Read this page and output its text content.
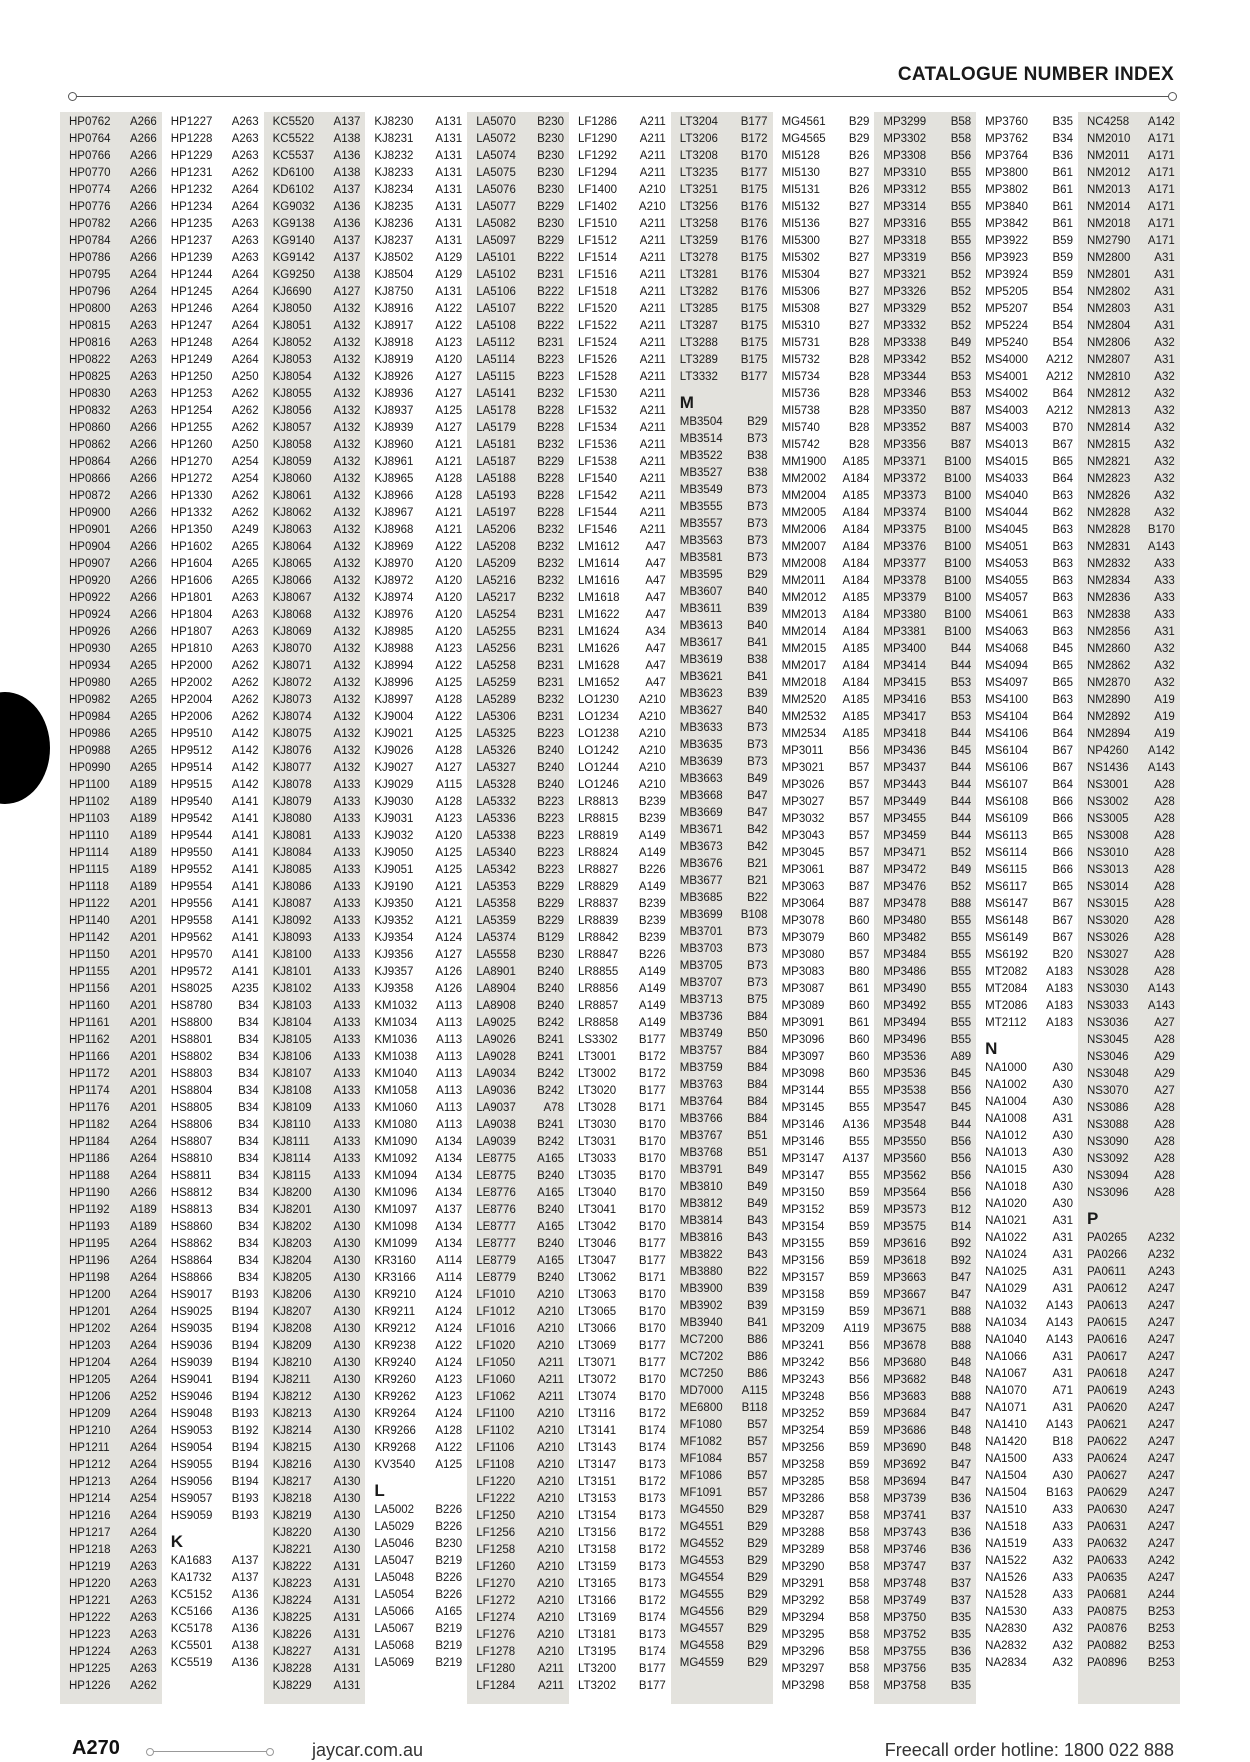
CATALOGUE NUMBER INDEX
HP0762 A266
HP0764 A266
HP0766 A266
HP0770 A266
HP0774 A266
HP0776 A266
HP0782 A266
HP0784 A266
HP0786 A266
HP0795 A264
HP0796 A264
HP0800 A263
HP0815 A263
HP0816 A263
HP0822 A263
HP0825 A263
HP0830 A263
HP0832 A263
HP0860 A266
HP0862 A266
HP0864 A266
HP0866 A266
HP0872 A266
HP0900 A266
HP0901 A266
HP0904 A266
HP0907 A266
HP0920 A266
HP0922 A266
HP0924 A266
HP0926 A266
HP0930 A265
HP0934 A265
HP0980 A265
HP0982 A265
HP0984 A265
HP0986 A265
HP0988 A265
HP0990 A265
HP1100 A189
HP1102 A189
HP1103 A189
HP1110 A189
HP1114 A189
HP1115 A189
HP1118 A189
HP1122 A201
HP1140 A201
HP1142 A201
HP1150 A201
HP1155 A201
HP1156 A201
HP1160 A201
HP1161 A201
HP1162 A201
HP1166 A201
HP1172 A201
HP1174 A201
HP1176 A201
HP1182 A264
HP1184 A264
HP1186 A264
HP1188 A264
HP1190 A266
HP1192 A189
HP1193 A189
HP1195 A264
HP1196 A264
HP1198 A264
HP1200 A264
HP1201 A264
HP1202 A264
HP1203 A264
HP1204 A264
HP1205 A264
HP1206 A252
HP1209 A264
HP1210 A264
HP1211 A264
HP1212 A264
HP1213 A264
HP1214 A254
HP1216 A264
HP1217 A264
HP1218 A263
HP1219 A263
HP1220 A263
HP1221 A263
HP1222 A263
HP1223 A263
HP1224 A263
HP1225 A263
HP1226 A262
HP1227 A263
HP1228 A263
HP1229 A263
HP1231 A262
HP1232 A264
HP1234 A264
HP1235 A263
HP1237 A263
HP1239 A263
HP1244 A264
HP1245 A264
HP1246 A264
HP1247 A264
HP1248 A264
HP1249 A264
HP1250 A250
HP1253 A262
HP1254 A262
HP1255 A262
HP1260 A250
HP1270 A254
HP1272 A254
HP1330 A262
HP1332 A262
HP1350 A249
HP1602 A265
HP1604 A265
HP1606 A265
HP1801 A263
HP1804 A263
HP1807 A263
HP1810 A263
HP2000 A262
HP2002 A262
HP2004 A262
HP2006 A262
HP9510 A142
HP9512 A142
HP9514 A142
HP9515 A142
HP9540 A141
HP9542 A141
HP9544 A141
HP9550 A141
HP9552 A141
HP9554 A141
HP9556 A141
HP9558 A141
HP9562 A141
HP9570 A141
HP9572 A141
HS8025 A235
HS8780 B34
HS8800 B34
HS8801 B34
HS8802 B34
HS8803 B34
HS8804 B34
HS8805 B34
HS8806 B34
HS8807 B34
HS8810 B34
HS8811 B34
HS8812 B34
HS8813 B34
HS8860 B34
HS8862 B34
HS8864 B34
HS8866 B34
HS9017 B193
HS9025 B194
HS9035 B194
HS9036 B194
HS9039 B194
HS9041 B194
HS9046 B194
HS9048 B193
HS9053 B192
HS9054 B194
HS9055 B194
HS9056 B194
HS9057 B193
HS9059 B193
K
KA1683 A137
KA1732 A137
KC5152 A136
KC5166 A136
KC5178 A136
KC5501 A138
KC5519 A136
KC5520 A137
KC5522 A138
KC5537 A136
KD6100 A138
KD6102 A137
KG9032 A136
KG9138 A136
KG9140 A137
KG9142 A137
KG9250 A138
KJ6690 A127
KJ8050 A132
KJ8051 A132
KJ8052 A132
KJ8053 A132
KJ8054 A132
KJ8055 A132
KJ8056 A132
KJ8057 A132
KJ8058 A132
KJ8059 A132
KJ8060 A132
KJ8061 A132
KJ8062 A132
KJ8063 A132
KJ8064 A132
KJ8065 A132
KJ8066 A132
KJ8067 A132
KJ8068 A132
KJ8069 A132
KJ8070 A132
KJ8071 A132
KJ8072 A132
KJ8073 A132
KJ8074 A132
KJ8075 A132
KJ8076 A132
KJ8077 A132
KJ8078 A133
KJ8079 A133
KJ8080 A133
KJ8081 A133
KJ8084 A133
KJ8085 A133
KJ8086 A133
KJ8087 A133
KJ8092 A133
KJ8093 A133
KJ8100 A133
KJ8101 A133
KJ8102 A133
KJ8103 A133
KJ8104 A133
KJ8105 A133
KJ8106 A133
KJ8107 A133
KJ8108 A133
KJ8109 A133
KJ8110 A133
KJ8111 A133
KJ8114 A133
KJ8115 A133
KJ8200 A130
KJ8201 A130
KJ8202 A130
KJ8203 A130
KJ8204 A130
KJ8205 A130
KJ8206 A130
KJ8207 A130
KJ8208 A130
KJ8209 A130
KJ8210 A130
KJ8211 A130
KJ8212 A130
KJ8213 A130
KJ8214 A130
KJ8215 A130
KJ8216 A130
KJ8217 A130
KJ8218 A130
KJ8219 A130
KJ8220 A130
KJ8221 A130
KJ8222 A131
KJ8223 A131
KJ8224 A131
KJ8225 A131
KJ8226 A131
KJ8227 A131
KJ8228 A131
KJ8229 A131
KJ8230 A131
KJ8231 A131
KJ8232 A131
KJ8233 A131
KJ8234 A131
KJ8235 A131
KJ8236 A131
KJ8237 A131
KJ8502 A129
KJ8504 A129
KJ8750 A131
KJ8916 A122
KJ8917 A122
KJ8918 A123
KJ8919 A120
KJ8926 A127
KJ8936 A127
KJ8937 A125
KJ8939 A127
KJ8960 A121
KJ8961 A121
KJ8965 A128
KJ8966 A128
KJ8967 A121
KJ8968 A121
KJ8969 A122
KJ8970 A120
KJ8972 A120
KJ8974 A120
KJ8976 A120
KJ8985 A120
KJ8988 A123
KJ8994 A122
KJ8996 A125
KJ8997 A128
KJ9004 A122
KJ9021 A125
KJ9026 A128
KJ9027 A127
KJ9029 A115
KJ9030 A128
KJ9031 A123
KJ9032 A120
KJ9050 A125
KJ9051 A125
KJ9190 A121
KJ9350 A121
KJ9352 A121
KJ9354 A124
KJ9356 A127
KJ9357 A126
KJ9358 A126
KM1032 A113
KM1034 A113
KM1036 A113
KM1038 A113
KM1040 A113
KM1058 A113
KM1060 A113
KM1080 A113
KM1090 A134
KM1092 A134
KM1094 A134
KM1096 A134
KM1097 A137
KM1098 A134
KM1099 A134
KR3160 A114
KR3166 A114
KR9210 A124
KR9211 A124
KR9212 A124
KR9238 A122
KR9240 A124
KR9260 A123
KR9262 A123
KR9264 A124
KR9266 A128
KR9268 A122
KV3540 A125
L
LA5002 B226
LA5029 B226
LA5046 B230
LA5047 B219
LA5048 B226
LA5054 B226
LA5066 A165
LA5067 B219
LA5068 B219
LA5069 B219
LA5070 B230
LA5072 B230
LA5074 B230
LA5075 B230
LA5076 B230
LA5077 B229
LA5082 B230
LA5097 B229
LA5101 B222
LA5102 B231
LA5106 B222
LA5107 B222
LA5108 B222
LA5112 B231
LA5114 B223
LA5115 B223
LA5141 B232
LA5178 B228
LA5179 B228
LA5181 B232
LA5187 B229
LA5188 B228
LA5193 B228
LA5197 B228
LA5206 B232
LA5208 B232
LA5209 B232
LA5216 B232
LA5217 B232
LA5254 B231
LA5255 B231
LA5256 B231
LA5258 B231
LA5259 B231
LA5289 B232
LA5306 B231
LA5325 B223
LA5326 B240
LA5327 B240
LA5328 B240
LA5332 B223
LA5336 B223
LA5338 B223
LA5340 B223
LA5342 B223
LA5353 B229
LA5358 B229
LA5359 B229
LA5374 B129
LA5558 B230
LA8901 B240
LA8904 B240
LA8908 B240
LA9025 B242
LA9026 B241
LA9028 B241
LA9034 B242
LA9036 B242
LA9037 A78
LA9038 B241
LA9039 B242
LE8775 A165
LE8775 B240
LE8776 A165
LE8776 B240
LE8777 A165
LE8777 B240
LE8779 A165
LE8779 B240
LF1010 A210
LF1012 A210
LF1016 A210
LF1020 A210
LF1050 A211
LF1060 A211
LF1062 A211
LF1100 A210
LF1102 A210
LF1106 A210
LF1108 A210
LF1220 A210
LF1222 A210
LF1250 A210
LF1256 A210
LF1258 A210
LF1260 A210
LF1270 A210
LF1272 A210
LF1274 A210
LF1276 A210
LF1278 A210
LF1280 A211
LF1284 A211
LF1286 A211
LF1290 A211
LF1292 A211
LF1294 A211
LF1400 A210
LF1402 A210
LF1510 A211
LF1512 A211
LF1514 A211
LF1516 A211
LF1518 A211
LF1520 A211
LF1522 A211
LF1524 A211
LF1526 A211
LF1528 A211
LF1530 A211
LF1532 A211
LF1534 A211
LF1536 A211
LF1538 A211
LF1540 A211
LF1542 A211
LF1544 A211
LF1546 A211
LM1612 A47
LM1614 A47
LM1616 A47
LM1618 A47
LM1622 A47
LM1624 A34
LM1626 A47
LM1628 A47
LM1652 A47
LO1230 A210
LO1234 A210
LO1238 A210
LO1242 A210
LO1244 A210
LO1246 A210
LR8813 B239
LR8815 B239
LR8819 A149
LR8824 A149
LR8827 B226
LR8829 A149
LR8837 B239
LR8839 B239
LR8842 B239
LR8847 B226
LR8855 A149
LR8856 A149
LR8857 A149
LR8858 A149
LS3302 B177
LT3001 B172
LT3002 B172
LT3020 B177
LT3028 B171
LT3030 B170
LT3031 B170
LT3033 B170
LT3035 B170
LT3040 B170
LT3041 B170
LT3042 B170
LT3046 B177
LT3047 B177
LT3062 B171
LT3063 B170
LT3065 B170
LT3066 B170
LT3069 B177
LT3071 B177
LT3072 B170
LT3074 B170
LT3116 B172
LT3141 B174
LT3143 B174
LT3147 B173
LT3151 B172
LT3153 B173
LT3154 B173
LT3156 B172
LT3158 B172
LT3159 B173
LT3165 B173
LT3166 B172
LT3169 B174
LT3181 B173
LT3195 B174
LT3200 B177
LT3202 B177
LT3204 B177
LT3206 B172
LT3208 B170
LT3235 B177
LT3251 B175
LT3256 B176
LT3258 B176
LT3259 B176
LT3278 B175
LT3281 B176
LT3282 B176
LT3285 B175
LT3287 B175
LT3288 B175
LT3289 B175
LT3332 B177
M
MB3504 B29
MB3514 B73
MB3522 B38
MB3527 B38
MB3549 B73
MB3555 B73
MB3557 B73
MB3563 B73
MB3581 B73
MB3595 B29
MB3607 B40
MB3611 B39
MB3613 B40
MB3617 B41
MB3619 B38
MB3621 B41
MB3623 B39
MB3627 B40
MB3633 B73
MB3635 B73
MB3639 B73
MB3663 B49
MB3668 B47
MB3669 B47
MB3671 B42
MB3673 B42
MB3676 B21
MB3677 B21
MB3685 B22
MB3699 B108
MB3701 B73
MB3703 B73
MB3705 B73
MB3707 B73
MB3713 B75
MB3736 B84
MB3749 B50
MB3757 B84
MB3759 B84
MB3763 B84
MB3764 B84
MB3766 B84
MB3767 B51
MB3768 B51
MB3791 B49
MB3810 B49
MB3812 B49
MB3814 B43
MB3816 B43
MB3822 B43
MB3880 B22
MB3900 B39
MB3902 B39
MB3940 B41
MC7200 B86
MC7202 B86
MC7250 B86
MD7000 A115
ME6800 B118
MF1080 B57
MF1082 B57
MF1084 B57
MF1086 B57
MF1091 B57
MG4550 B29
MG4551 B29
MG4552 B29
MG4553 B29
MG4554 B29
MG4555 B29
MG4556 B29
MG4557 B29
MG4558 B29
MG4559 B29
MG4561 B29
MG4565 B29
MI5128	B26
MI5130	B27
MI5131	B26
MI5132	B27
MI5136	B27
MI5300	B27
MI5302	B27
MI5304	B27
MI5306	B27
MI5308	B27
MI5310	B27
MI5731	B28
MI5732	B28
MI5734	B28
MI5736	B28
MI5738	B28
MI5740	B28
MI5742	B28
MM1900 A185
MM2002 A184
MM2004 A185
MM2005 A184
MM2006 A184
MM2007 A184
MM2008 A184
MM2011 A184
MM2012 A185
MM2013 A184
MM2014 A184
MM2015 A185
MM2017 A184
MM2018 A184
MM2520 A185
MM2532 A185
MM2534 A185
MP3011 B56
MP3021 B57
MP3026 B57
MP3027 B57
MP3032 B57
MP3043 B57
MP3045 B57
MP3061 B87
MP3063 B87
MP3064 B87
MP3078 B60
MP3079 B60
MP3080 B57
MP3083 B80
MP3087 B61
MP3089 B60
MP3091 B61
MP3096 B60
MP3097 B60
MP3098 B60
MP3144 B55
MP3145 B55
MP3146 A136
MP3146 B55
MP3147 A137
MP3147 B55
MP3150 B59
MP3152 B59
MP3154 B59
MP3155 B59
MP3156 B59
MP3157 B59
MP3158 B59
MP3159 B59
MP3209 A119
MP3241 B56
MP3242 B56
MP3243 B56
MP3248 B56
MP3252 B59
MP3254 B59
MP3256 B59
MP3258 B59
MP3285 B58
MP3286 B58
MP3287 B58
MP3288 B58
MP3289 B58
MP3290 B58
MP3291 B58
MP3292 B58
MP3294 B58
MP3295 B58
MP3296 B58
MP3297 B58
MP3298 B58
MP3299 B58
MP3302 B58
MP3308 B56
MP3310 B55
MP3312 B55
MP3314 B55
MP3316 B55
MP3318 B55
MP3319 B56
MP3321 B52
MP3326 B52
MP3329 B52
MP3332 B52
MP3338 B49
MP3342 B52
MP3344 B53
MP3346 B53
MP3350 B87
MP3352 B87
MP3356 B87
MP3371 B100
MP3372 B100
MP3373 B100
MP3374 B100
MP3375 B100
MP3376 B100
MP3377 B100
MP3378 B100
MP3379 B100
MP3380 B100
MP3381 B100
MP3400 B44
MP3414 B44
MP3415 B53
MP3416 B53
MP3417 B53
MP3418 B44
MP3436 B45
MP3437 B44
MP3443 B44
MP3449 B44
MP3455 B44
MP3459 B44
MP3471 B52
MP3472 B49
MP3476 B52
MP3478 B88
MP3480 B55
MP3482 B55
MP3484 B55
MP3486 B55
MP3490 B55
MP3492 B55
MP3494 B55
MP3496 B55
MP3536 A89
MP3536 B45
MP3538 B56
MP3547 B45
MP3548 B44
MP3550 B56
MP3560 B56
MP3562 B56
MP3564 B56
MP3573 B12
MP3575 B14
MP3616 B92
MP3618 B92
MP3663 B47
MP3667 B47
MP3671 B88
MP3675 B88
MP3678 B88
MP3680 B48
MP3682 B48
MP3683 B88
MP3684 B47
MP3686 B48
MP3690 B48
MP3692 B47
MP3694 B47
MP3739 B36
MP3741 B37
MP3743 B36
MP3746 B36
MP3747 B37
MP3748 B37
MP3749 B37
MP3750 B35
MP3752 B35
MP3755 B36
MP3756 B35
MP3758 B35
MP3760 B35
MP3762 B34
MP3764 B36
MP3800 B61
MP3802 B61
MP3840 B61
MP3842 B61
MP3922 B59
MP3923 B59
MP3924 B59
MP5205 B54
MP5207 B54
MP5224 B54
MP5240 B54
MS4000 A212
MS4001 A212
MS4002 B64
MS4003 A212
MS4003 B70
MS4013 B67
MS4015 B65
MS4033 B64
MS4040 B63
MS4044 B62
MS4045 B63
MS4051 B63
MS4053 B63
MS4055 B63
MS4057 B63
MS4061 B63
MS4063 B63
MS4068 B45
MS4094 B65
MS4097 B65
MS4100 B63
MS4104 B64
MS4106 B64
MS6104 B67
MS6106 B67
MS6107 B64
MS6108 B66
MS6109 B66
MS6113 B65
MS6114 B66
MS6115 B66
MS6117 B65
MS6147 B67
MS6148 B67
MS6149 B67
MS6192 B20
MT2082 A183
MT2084 A183
MT2086 A183
MT2112 A183
N
NA1000 A30
NA1002 A30
NA1004 A30
NA1008 A31
NA1012 A30
NA1013 A30
NA1015 A30
NA1018 A30
NA1020 A30
NA1021 A31
NA1022 A31
NA1024 A31
NA1025 A31
NA1029 A31
NA1032 A143
NA1034 A143
NA1040 A143
NA1066 A31
NA1067 A31
NA1070 A71
NA1071 A31
NA1410 A143
NA1420 B18
NA1500 A33
NA1504 A30
NA1504 B163
NA1510 A33
NA1518 A33
NA1519 A33
NA1522 A32
NA1526 A33
NA1528 A33
NA1530 A33
NA2830 A32
NA2832 A32
NA2834 A32
NC4258 A142
NM2010 A171
NM2011 A171
NM2012 A171
NM2013 A171
NM2014 A171
NM2018 A171
NM2790 A171
NM2800 A31
NM2801 A31
NM2802 A31
NM2803 A31
NM2804 A31
NM2806 A32
NM2807 A31
NM2810 A32
NM2812 A32
NM2813 A32
NM2814 A32
NM2815 A32
NM2821 A32
NM2823 A32
NM2826 A32
NM2828 A32
NM2828 B170
NM2831 A143
NM2832 A33
NM2834 A33
NM2836 A33
NM2838 A33
NM2856 A31
NM2860 A32
NM2862 A32
NM2870 A32
NM2890 A19
NM2892 A19
NM2894 A19
NP4260 A142
NS1436 A143
NS3001 A28
NS3002 A28
NS3005 A28
NS3008 A28
NS3010 A28
NS3013 A28
NS3014 A28
NS3015 A28
NS3020 A28
NS3026 A28
NS3027 A28
NS3028 A28
NS3030 A143
NS3033 A143
NS3036 A27
NS3045 A28
NS3046 A29
NS3048 A29
NS3070 A27
NS3086 A28
NS3088 A28
NS3090 A28
NS3092 A28
NS3094 A28
NS3096 A28
P
PA0265 A232
PA0266 A232
PA0611 A243
PA0612 A247
PA0613 A247
PA0615 A247
PA0616 A247
PA0617 A247
PA0618 A247
PA0619 A243
PA0620 A247
PA0621 A247
PA0622 A247
PA0624 A247
PA0627 A247
PA0629 A247
PA0630 A247
PA0631 A247
PA0632 A247
PA0633 A242
PA0635 A247
PA0681 A244
PA0875 B253
PA0876 B253
PA0882 B253
PA0896 B253
A270	jaycar.com.au	Freecall order hotline: 1800 022 888
